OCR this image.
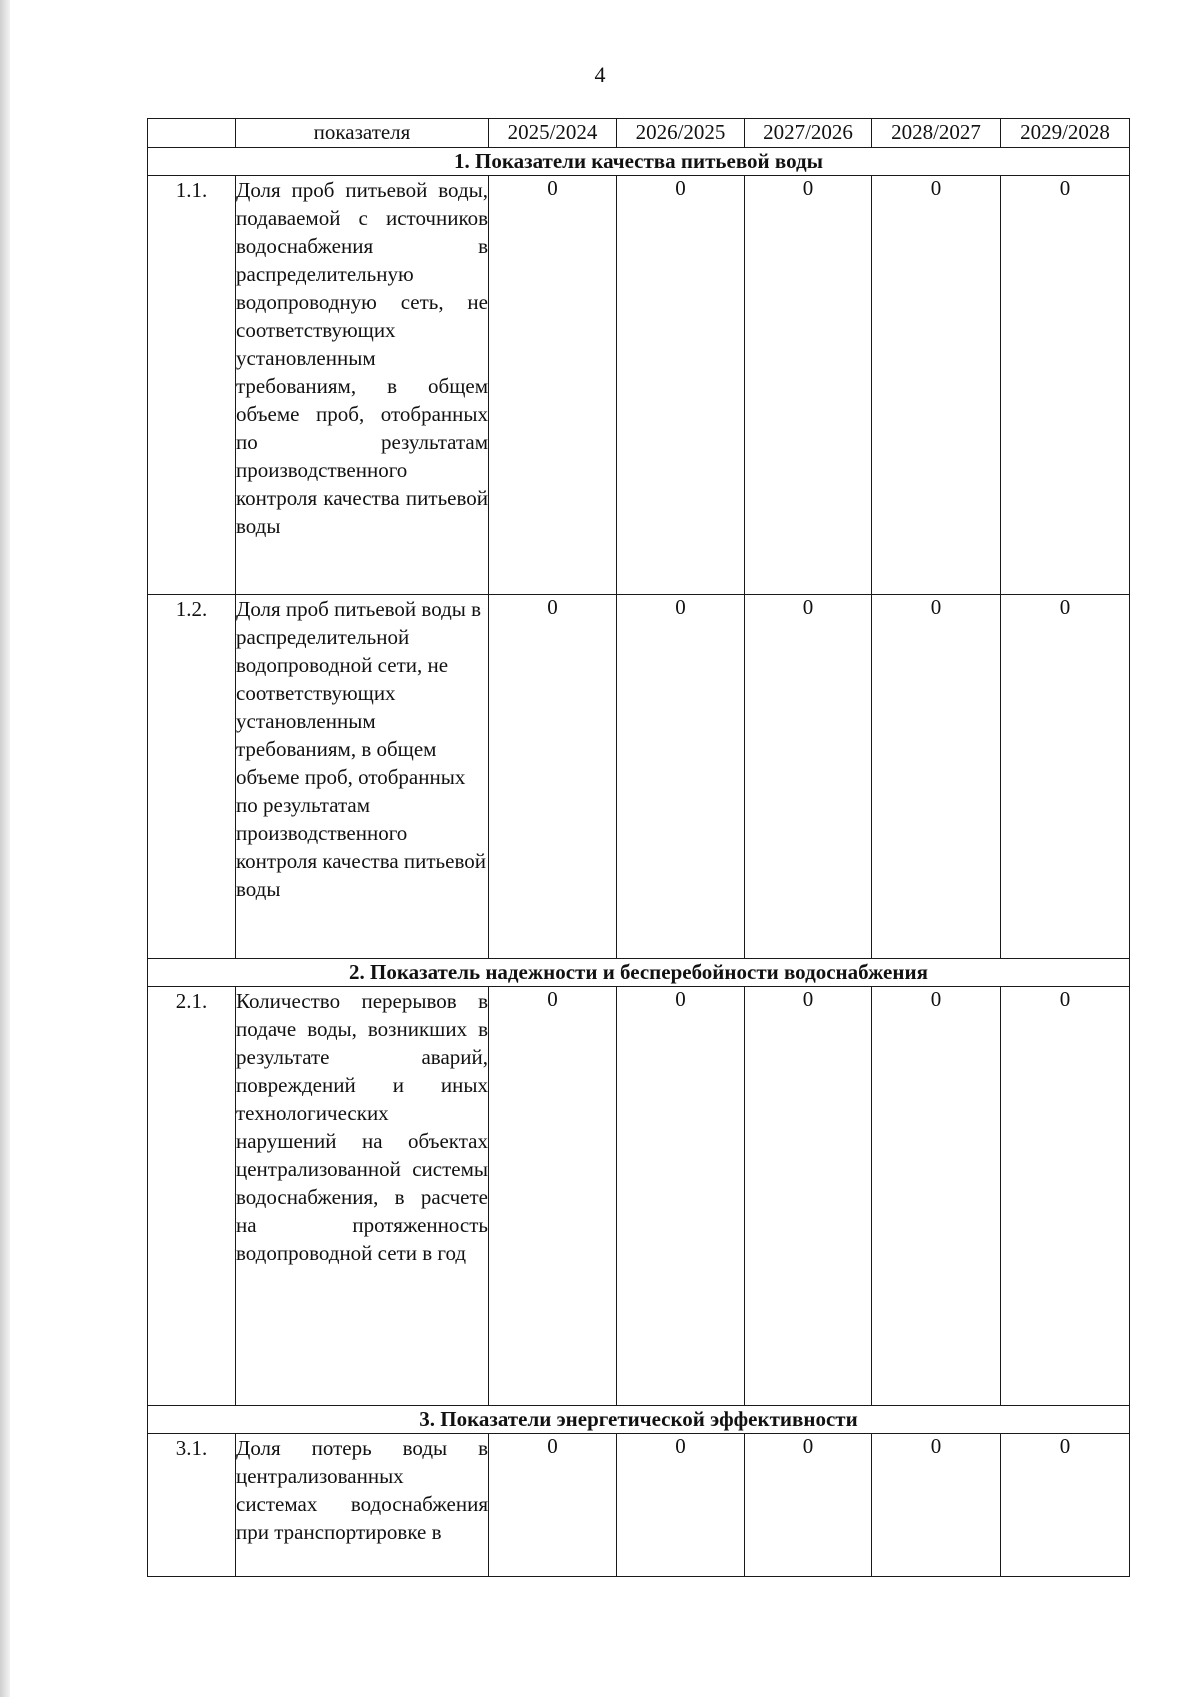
4
	показателя	2025/2024	2026/2025	2027/2026	2028/2027	2029/2028
1. Показатели качества питьевой воды						
1.1.	Доля проб питьевой воды, подаваемой с источников водоснабжения в распределительную водопроводную сеть, не соответствующих установленным требованиям, в общем объеме проб, отобранных по результатам производственного контроля качества питьевой воды	0	0	0	0	0
1.2.	Доля проб питьевой воды в распределительной водопроводной сети, не соответствующих установленным требованиям, в общем объеме проб, отобранных по результатам производственного контроля качества питьевой воды	0	0	0	0	0
2. Показатель надежности и бесперебойности водоснабжения						
2.1.	Количество перерывов в подаче воды, возникших в результате аварий, повреждений и иных технологических нарушений на объектах централизованной системы водоснабжения, в расчете на протяженность водопроводной сети в год	0	0	0	0	0
3. Показатели энергетической эффективности						
3.1.	Доля потерь воды в централизованных системах водоснабжения при транспортировке в	0	0	0	0	0
